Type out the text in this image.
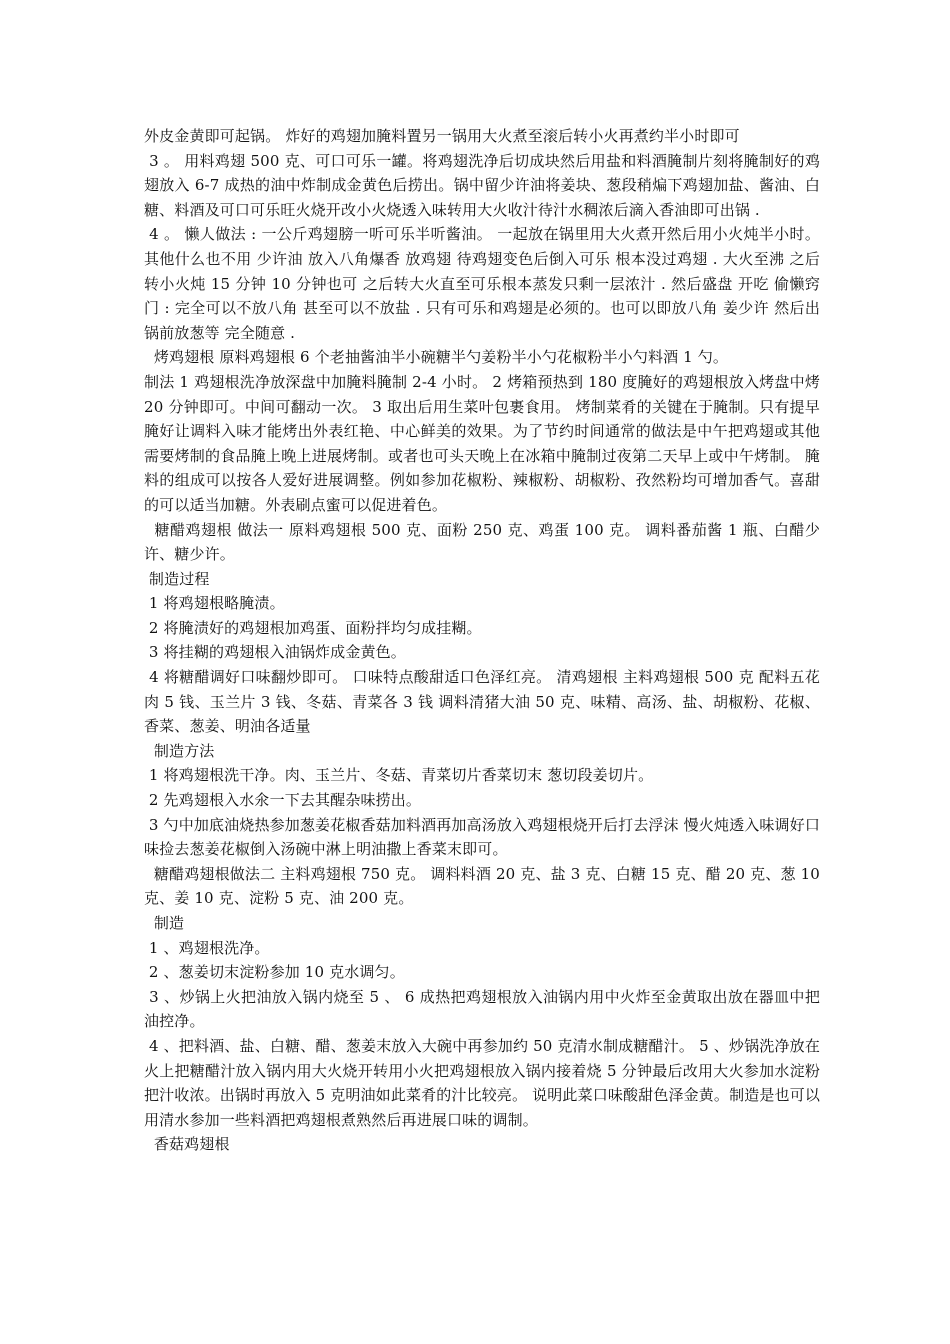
外皮金黄即可起锅。 炸好的鸡翅加腌料置另一锅用大火煮至滚后转小火再煮约半小时即可

3 。 用料鸡翅 500 克、可口可乐一罐。将鸡翅洗净后切成块然后用盐和料酒腌制片刻将腌制好的鸡翅放入 6-7 成热的油中炸制成金黄色后捞出。锅中留少许油将姜块、葱段稍煸下鸡翅加盐、酱油、白糖、料酒及可口可乐旺火烧开改小火烧透入味转用大火收汁待汁水稠浓后滴入香油即可出锅 .

4 。 懒人做法 : 一公斤鸡翅膀一听可乐半听酱油。 一起放在锅里用大火煮开然后用小火炖半小时。 其他什么也不用 少许油 放入八角爆香 放鸡翅 待鸡翅变色后倒入可乐 根本没过鸡翅 . 大火至沸 之后转小火炖 15 分钟 10 分钟也可 之后转大火直至可乐根本蒸发只剩一层浓汁 . 然后盛盘 开吃 偷懒窍门 : 完全可以不放八角 甚至可以不放盐 . 只有可乐和鸡翅是必须的。也可以即放八角 姜少许 然后出锅前放葱等 完全随意 .

烤鸡翅根 原料鸡翅根 6 个老抽酱油半小碗糖半勺姜粉半小勺花椒粉半小勺料酒 1 勺。

制法 1 鸡翅根洗净放深盘中加腌料腌制 2-4 小时。 2 烤箱预热到 180 度腌好的鸡翅根放入烤盘中烤 20 分钟即可。中间可翻动一次。 3 取出后用生菜叶包裹食用。 烤制菜肴的关键在于腌制。只有提早腌好让调料入味才能烤出外表红艳、中心鲜美的效果。为了节约时间通常的做法是中午把鸡翅或其他需要烤制的食品腌上晚上进展烤制。或者也可头天晚上在冰箱中腌制过夜第二天早上或中午烤制。 腌料的组成可以按各人爱好进展调整。例如参加花椒粉、辣椒粉、胡椒粉、孜然粉均可增加香气。喜甜的可以适当加糖。外表刷点蜜可以促进着色。

糖醋鸡翅根 做法一 原料鸡翅根 500 克、面粉 250 克、鸡蛋 100 克。 调料番茄酱 1 瓶、白醋少许、糖少许。

制造过程

1 将鸡翅根略腌渍。

2 将腌渍好的鸡翅根加鸡蛋、面粉拌均匀成挂糊。

3 将挂糊的鸡翅根入油锅炸成金黄色。

4 将糖醋调好口味翻炒即可。 口味特点酸甜适口色泽红亮。 清鸡翅根 主料鸡翅根 500 克 配料五花肉 5 钱、玉兰片 3 钱、冬菇、青菜各 3 钱 调料清猪大油 50 克、味精、高汤、盐、胡椒粉、花椒、香菜、葱姜、明油各适量

制造方法

1 将鸡翅根洗干净。肉、玉兰片、冬菇、青菜切片香菜切末 葱切段姜切片。

2 先鸡翅根入水氽一下去其醒杂味捞出。

3 勺中加底油烧热参加葱姜花椒香菇加料酒再加高汤放入鸡翅根烧开后打去浮沫 慢火炖透入味调好口味捡去葱姜花椒倒入汤碗中淋上明油撒上香菜末即可。

糖醋鸡翅根做法二 主料鸡翅根 750 克。 调料料酒 20 克、盐 3 克、白糖 15 克、醋 20 克、葱 10 克、姜 10 克、淀粉 5 克、油 200 克。

制造

1 、鸡翅根洗净。

2 、葱姜切末淀粉参加 10 克水调匀。

3 、炒锅上火把油放入锅内烧至 5 、 6 成热把鸡翅根放入油锅内用中火炸至金黄取出放在器皿中把油控净。

4 、把料酒、盐、白糖、醋、葱姜末放入大碗中再参加约 50 克清水制成糖醋汁。 5 、炒锅洗净放在火上把糖醋汁放入锅内用大火烧开转用小火把鸡翅根放入锅内接着烧 5 分钟最后改用大火参加水淀粉把汁收浓。出锅时再放入 5 克明油如此菜肴的汁比较亮。 说明此菜口味酸甜色泽金黄。制造是也可以用清水参加一些料酒把鸡翅根煮熟然后再进展口味的调制。

香菇鸡翅根
